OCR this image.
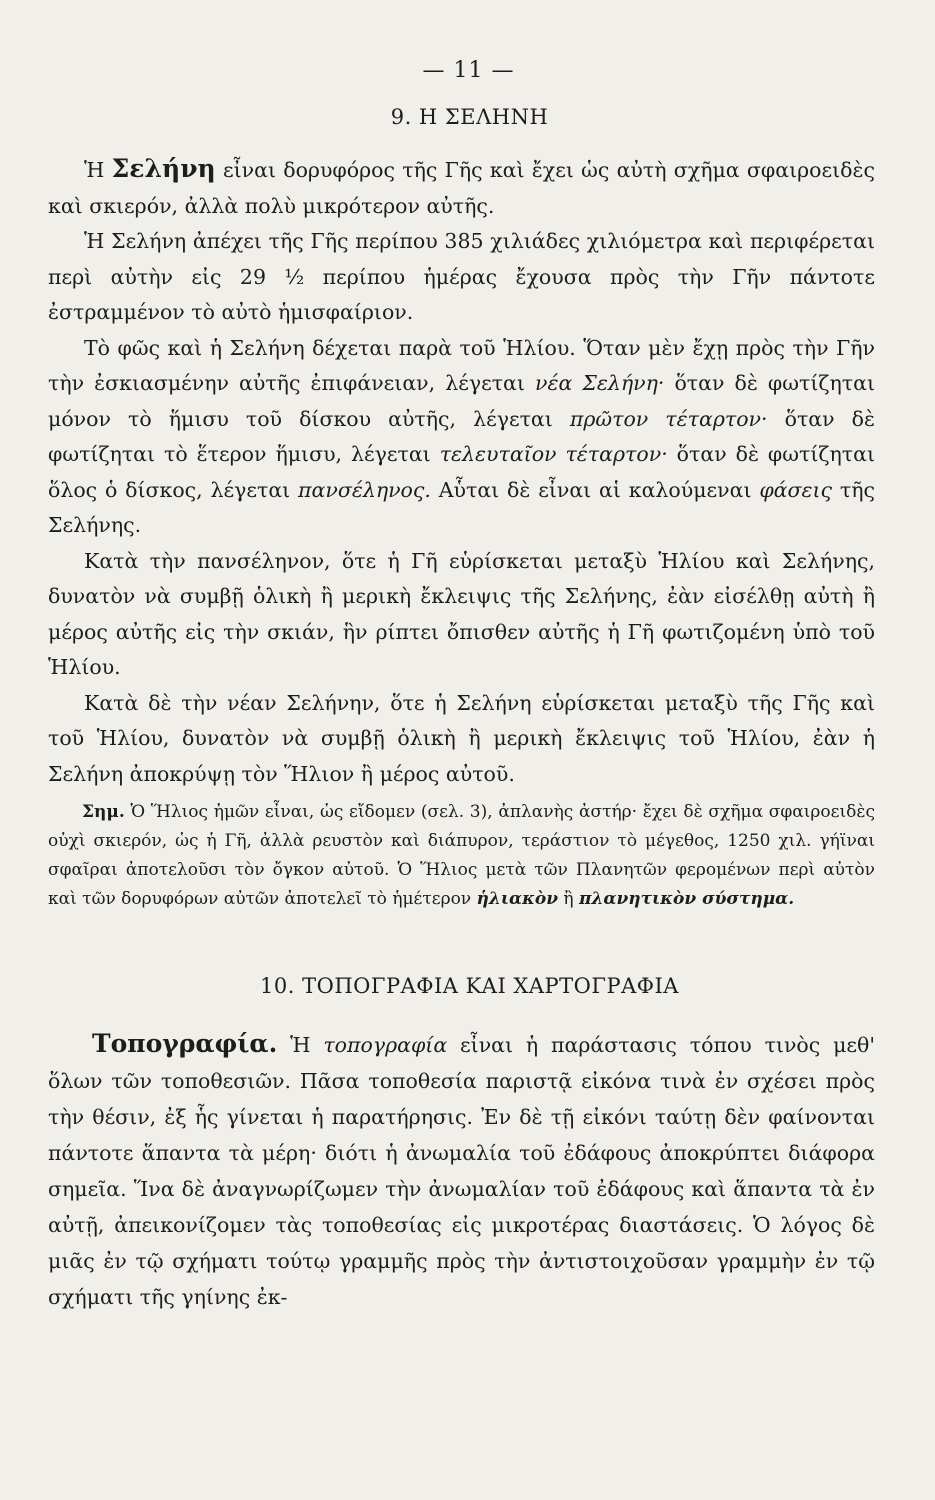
— 11 —
9. Η ΣΕΛΗΝΗ

Ἡ Σελήνη εἶναι δορυφόρος τῆς Γῆς καὶ ἔχει ὡς αὐτὴ σχῆμα σφαιροειδὲς καὶ σκιερόν, ἀλλὰ πολὺ μικρότερον αὐτῆς.

Ἡ Σελήνη ἀπέχει τῆς Γῆς περίπου 385 χιλιάδες χιλιόμετρα καὶ περιφέρεται περὶ αὐτὴν εἰς 29 ½ περίπου ἡμέρας ἔχουσα πρὸς τὴν Γῆν πάντοτε ἐστραμμένον τὸ αὐτὸ ἡμισφαίριον.

Τὸ φῶς καὶ ἡ Σελήνη δέχεται παρὰ τοῦ Ἡλίου. Ὅταν μὲν ἔχῃ πρὸς τὴν Γῆν τὴν ἐσκιασμένην αὐτῆς ἐπιφάνειαν, λέγεται νέα Σελήνη· ὅταν δὲ φωτίζηται μόνον τὸ ἥμισυ τοῦ δίσκου αὐτῆς, λέγεται πρῶτον τέταρτον· ὅταν δὲ φωτίζηται τὸ ἕτερον ἥμισυ, λέγεται τελευταῖον τέταρτον· ὅταν δὲ φωτίζηται ὅλος ὁ δίσκος, λέγεται πανσέληνος. Αὗται δὲ εἶναι αἱ καλούμεναι φάσεις τῆς Σελήνης.

Κατὰ τὴν πανσέληνον, ὅτε ἡ Γῆ εὑρίσκεται μεταξὺ Ἡλίου καὶ Σελήνης, δυνατὸν νὰ συμβῇ ὁλικὴ ἢ μερικὴ ἔκλειψις τῆς Σελήνης, ἐὰν εἰσέλθῃ αὐτὴ ἢ μέρος αὐτῆς εἰς τὴν σκιάν, ἣν ρίπτει ὄπισθεν αὐτῆς ἡ Γῆ φωτιζομένη ὑπὸ τοῦ Ἡλίου.

Κατὰ δὲ τὴν νέαν Σελήνην, ὅτε ἡ Σελήνη εὑρίσκεται μεταξὺ τῆς Γῆς καὶ τοῦ Ἡλίου, δυνατὸν νὰ συμβῇ ὁλικὴ ἢ μερικὴ ἔκλειψις τοῦ Ἡλίου, ἐὰν ἡ Σελήνη ἀποκρύψῃ τὸν Ἥλιον ἢ μέρος αὐτοῦ.

Σημ. Ὁ Ἥλιος ἡμῶν εἶναι, ὡς εἴδομεν (σελ. 3), ἀπλανὴς ἀστήρ· ἔχει δὲ σχῆμα σφαιροειδὲς οὐχὶ σκιερόν, ὡς ἡ Γῆ, ἀλλὰ ρευστὸν καὶ διάπυρον, τεράστιον τὸ μέγεθος, 1250 χιλ. γήϊναι σφαῖραι ἀποτελοῦσι τὸν ὄγκον αὐτοῦ. Ὁ Ἥλιος μετὰ τῶν Πλανητῶν φερομένων περὶ αὐτὸν καὶ τῶν δορυφόρων αὐτῶν ἀποτελεῖ τὸ ἡμέτερον ἡλιακὸν ἢ πλανητικὸν σύστημα.

10. ΤΟΠΟΓΡΑΦΙΑ ΚΑΙ ΧΑΡΤΟΓΡΑΦΙΑ

Τοπογραφία. Ἡ τοπογραφία εἶναι ἡ παράστασις τόπου τινὸς μεθ' ὅλων τῶν τοποθεσιῶν. Πᾶσα τοποθεσία παριστᾷ εἰκόνα τινὰ ἐν σχέσει πρὸς τὴν θέσιν, ἐξ ἧς γίνεται ἡ παρατήρησις. Ἐν δὲ τῇ εἰκόνι ταύτῃ δὲν φαίνονται πάντοτε ἅπαντα τὰ μέρη· διότι ἡ ἀνωμαλία τοῦ ἐδάφους ἀποκρύπτει διάφορα σημεῖα. Ἵνα δὲ ἀναγνωρίζωμεν τὴν ἀνωμαλίαν τοῦ ἐδάφους καὶ ἅπαντα τὰ ἐν αὐτῇ, ἀπεικονίζομεν τὰς τοποθεσίας εἰς μικροτέρας διαστάσεις. Ὁ λόγος δὲ μιᾶς ἐν τῷ σχήματι τούτῳ γραμμῆς πρὸς τὴν ἀντιστοιχοῦσαν γραμμὴν ἐν τῷ σχήματι τῆς γηίνης ἐκ-
